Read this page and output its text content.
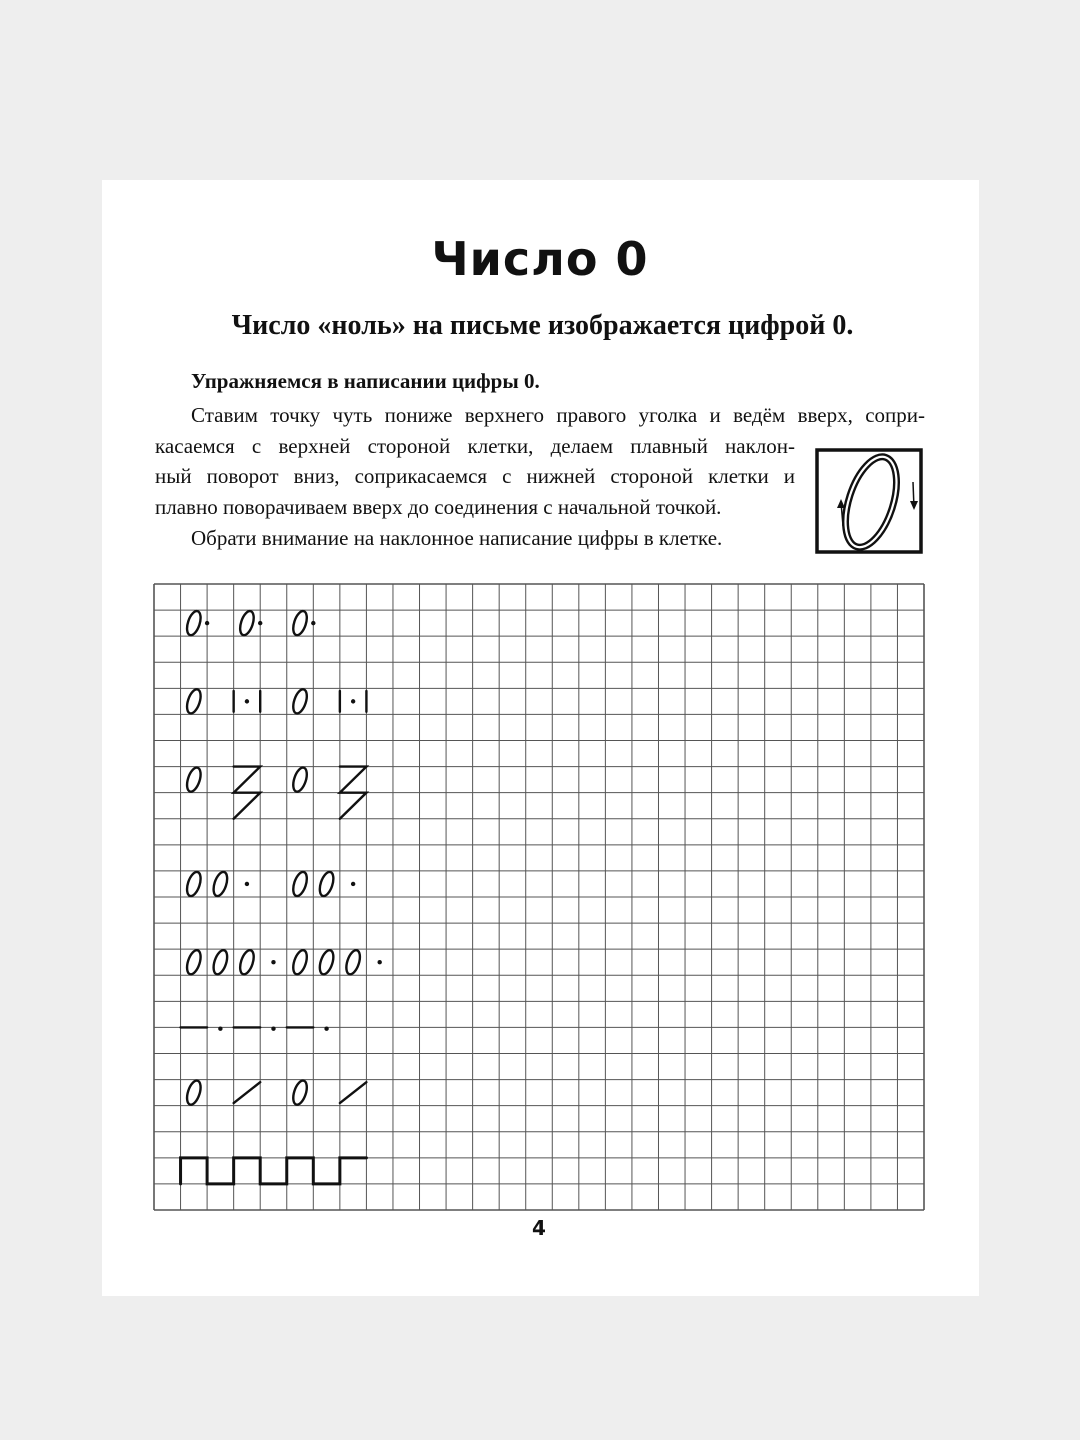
Число 0
Число «ноль» на письме изображается цифрой 0.

Упражняемся в написании цифры 0.

Ставим точку чуть пониже верхнего правого уголка и ведём вверх, сопри-
касаемся с верхней стороной клетки, делаем плавный наклон-
ный поворот вниз, соприкасаемся с нижней стороной клетки и
плавно поворачиваем вверх до соединения с начальной точкой.

Обрати внимание на наклонное написание цифры в клетке.

4
